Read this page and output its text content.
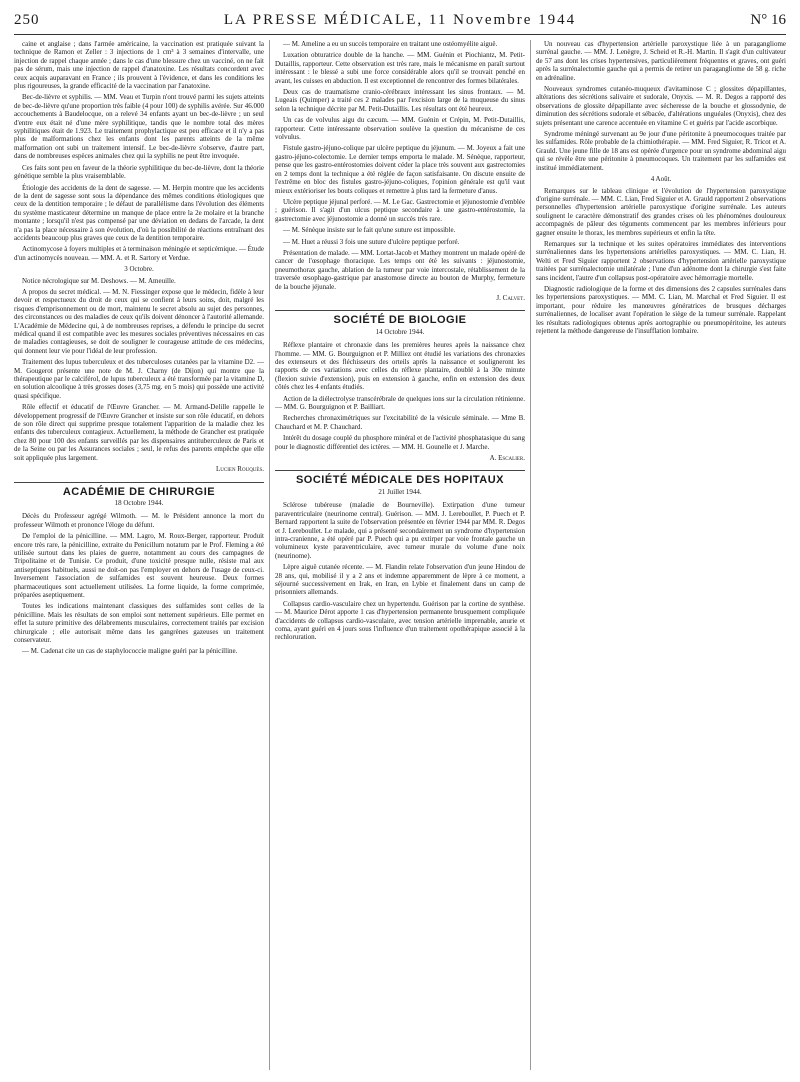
250	LA PRESSE MÉDICALE, 11 Novembre 1944	N° 16

caine et anglaise ; dans l'armée américaine, la vaccination est pratiquée suivant la technique de Ramon et Zeller : 3 injections de 1 cm³ à 3 semaines d'intervalle, une injection de rappel chaque année ; dans le cas d'une blessure chez un vacciné, on ne fait pas de sérum, mais une injection de rappel d'anatoxine. Les résultats concordent avec ceux acquis auparavant en France ; ils prouvent à l'évidence, et dans les conditions les plus rigoureuses, la grande efficacité de la vaccination par l'anatoxine.

Bec-de-lièvre et syphilis. — MM. Veau et Turpin n'ont trouvé parmi les sujets atteints de bec-de-lièvre qu'une proportion très faible (4 pour 100) de syphilis avérée. Sur 46.000 accouchements à Baudelocque, on a relevé 34 enfants ayant un bec-de-lièvre ; un seul d'entre eux était né d'une mère syphilitique, tandis que le nombre total des mères syphilitiques était de 1.923. Le traitement prophylactique est peu efficace et il n'y a pas plus de malformations chez les enfants dont les parents atteints de la même malformation ont subi un traitement intensif. Le bec-de-lièvre s'observe, d'autre part, dans de nombreuses espèces animales chez qui la syphilis ne peut être invoquée.

Ces faits sont peu en faveur de la théorie syphilitique du bec-de-lièvre, dont la théorie génétique semble la plus vraisemblable.

Étiologie des accidents de la dent de sagesse. — M. Herpin montre que les accidents de la dent de sagesse sont sous la dépendance des mêmes conditions étiologiques que ceux de la dentition temporaire ; le défaut de parallélisme dans l'évolution des éléments du système masticateur détermine un manque de place entre la 2e molaire et la branche montante ; lorsqu'il n'est pas compensé par une déviation en dedans de l'arcade, la dent n'a pas la place nécessaire à son évolution, d'où la possibilité de réactions entraînant des accidents beaucoup plus graves que ceux de la dentition temporaire.

Actinomycose à foyers multiples et à terminaison méningée et septicémique. — Étude d'un actinomycès nouveau. — MM. A. et R. Sartory et Verdue.

3 Octobre.

Notice nécrologique sur M. Deshows. — M. Ameuille.

A propos du secret médical. — M. N. Fiessinger expose que le médecin, fidèle à leur devoir et respectueux du droit de ceux qui se confient à leurs soins, doit, malgré les risques d'emprisonnement ou de mort, maintenu le secret absolu au sujet des personnes, des circonstances ou des maladies de ceux qu'ils doivent dénoncer à l'autorité allemande. L'Académie de Médecine qui, à de nombreuses reprises, a défendu le principe du secret médical quand il est compatible avec les mesures sociales préventives nécessaires en cas de maladies contagieuses, se doit de souligner le courageuse attitude de ces médecins, qui donnent leur vie pour l'idéal de leur profession.

Traitement des lupus tuberculeux et des tuberculoses cutanées par la vitamine D2. — M. Gougerot présente une note de M. J. Charny (de Dijon) qui montre que la thérapeutique par le calciférol, de lupus tuberculeux a été transformée par la vitamine D, en solution alcoolique à très grosses doses (3,75 mg. en 5 mois) qui possède une activité quasi spécifique.

Rôle effectif et éducatif de l'Œuvre Grancher. — M. Armand-Delille rappelle le développement progressif de l'Œuvre Grancher et insiste sur son rôle éducatif, en dehors de son rôle direct qui supprime presque totalement l'apparition de la maladie chez les enfants des tuberculeux contagieux. Actuellement, la méthode de Grancher est pratiquée chez 80 pour 100 des enfants surveillés par les dispensaires antituberculeux de Paris et de la Seine ou par les Assurances sociales ; seul, le refus des parents empêche que elle soit appliquée plus largement.

Lucien Rouquès.

ACADÉMIE DE CHIRURGIE
18 Octobre 1944.

Décès du Professeur agrégé Wilmoth. — M. le Président annonce la mort du professeur Wilmoth et prononce l'éloge du défunt.

De l'emploi de la pénicilline. — MM. Lagro, M. Roux-Berger, rapporteur. Produit encore très rare, la pénicilline, extraite du Penicillum notatum par le Prof. Fleming a été utilisée surtout dans les plaies de guerre, notamment au cours des campagnes de Tripolitaine et de Tunisie. Ce produit, d'une toxicité presque nulle, résiste mal aux antiseptiques habituels, aussi ne doit-on pas l'employer en dehors de l'usage de ceux-ci. Inversement l'association de sulfamides est souvent heureuse. Deux formes pharmaceutiques sont actuellement utilisées. La forme liquide, la forme comprimée, préparées aseptiquement.

Toutes les indications maintenant classiques des sulfamides sont celles de la pénicilline. Mais les résultats de son emploi sont nettement supérieurs. Elle permet en effet la suture primitive des délabrements musculaires, correctement traités par excision chirurgicale ; elle autorisait même dans les gangrènes gazeuses un traitement conservateur.

— M. Cadenat cite un cas de staphylococcie maligne guéri par la pénicilline.

— M. Ameline a eu un succès temporaire en traitant une ostéomyélite aiguë.

Luxation obturatrice double de la hanche. — MM. Guénin et Piochiantz, M. Petit-Dutaillis, rapporteur. Cette observation est très rare, mais le mécanisme en paraît surtout intéressant : le blessé a subi une force considérable alors qu'il se trouvait penché en avant, les cuisses en abduction. Il est exceptionnel de rencontrer des formes bilatérales.

Deux cas de traumatisme cranio-cérébraux intéressant les sinus frontaux. — M. Lugeais (Quimper) a traité ces 2 malades par l'excision large de la muqueuse du sinus selon la technique décrite par M. Petit-Dutaillis. Les résultats ont été heureux.

Un cas de volvulus aigu du cæcum. — MM. Guénin et Crépin, M. Petit-Dutaillis, rapporteur. Cette intéressante observation soulève la question du mécanisme de ces volvulus.

Fistule gastro-jéjuno-colique par ulcère peptique du jéjunum. — M. Joyeux a fait une gastro-jéjuno-colectomie. Le dernier temps emporta le malade. M. Sénèque, rapporteur, pense que les gastro-entérostomies doivent céder la place très souvent aux gastrectomies en 2 temps dont la technique a été réglée de façon satisfaisante. On discute ensuite de l'extrême en bloc des fistules gastro-jéjuno-coliques, l'opinion générale est qu'il vaut mieux extérioriser les bouts coliques et remettre à plus tard la fermeture d'anus.

Ulcère peptique jéjunal perforé. — M. Le Gac. Gastrectomie et jéjunostomie d'emblée ; guérison. Il s'agit d'un ulcus peptique secondaire à une gastro-entérostomie, la gastrectomie avec jéjunostomie a donné un succès très rare.

— M. Sénèque insiste sur le fait qu'une suture est impossible.

— M. Huet a réussi 3 fois une suture d'ulcère peptique perforé.

Présentation de malade. — MM. Lortat-Jacob et Mathey montrent un malade opéré de cancer de l'œsophage thoracique. Les temps ont été les suivants : jéjunostomie, pneumothorax gauche, ablation de la tumeur par voie intercostale, rétablissement de la traversée œsophago-gastrique par anastomose directe au bouton de Murphy, fermeture de la bouche jéjunale.

J. Calvet.

SOCIÉTÉ DE BIOLOGIE
14 Octobre 1944.

Réflexe plantaire et chronaxie dans les premières heures après la naissance chez l'homme. — MM. G. Bourguignon et P. Milliez ont étudié les variations des chronaxies des extenseurs et des fléchisseurs des orteils après la naissance et souligneront les rapports de ces variations avec celles du réflexe plantaire, doublé à la 30e minute (flexion suivie d'extension), puis en extension à gauche, enfin en extension des deux côtés chez les 4 enfants étudiés.

Action de la diélectrolyse transcérébrale de quelques ions sur la circulation rétinienne. — MM. G. Bourguignon et P. Bailliart.

Recherches chronaximétriques sur l'excitabilité de la vésicule séminale. — Mme B. Chauchard et M. P. Chauchard.

Intérêt du dosage couplé du phosphore minéral et de l'activité phosphatasique du sang pour le diagnostic différentiel des ictères. — MM. H. Gounelle et J. Marche.

A. Escalier.

SOCIÉTÉ MÉDICALE DES HOPITAUX
21 Juillet 1944.

Sclérose tubéreuse (maladie de Bourneville). Extirpation d'une tumeur paraventriculaire (neurinome central). Guérison. — MM. J. Lereboullet, P. Puech et P. Bernard rapportent la suite de l'observation présentée en février 1944 par MM. R. Degos et J. Lereboullet. Le malade, qui a présenté secondairement un syndrome d'hypertension intra-cranienne, a été opéré par P. Puech qui a pu extirper par voie frontale gauche un volumineux kyste paraventriculaire, avec tumeur murale du volume d'une noix (neurinome).

Lèpre aiguë cutanée récente. — M. Flandin relate l'observation d'un jeune Hindou de 28 ans, qui, mobilisé il y a 2 ans et indemne apparemment de lèpre à ce moment, a séjourné successivement en Irak, en Iran, en Lybie et finalement dans un camp de prisonniers allemands.

Collapsus cardio-vasculaire chez un hypertendu. Guérison par la cortine de synthèse. — M. Maurice Dérot apporte 1 cas d'hypertension permanente brusquement compliquée d'accidents de collapsus cardio-vasculaire, avec tension artérielle imprenable, anurie et coma, ayant guéri en 4 jours sous l'influence d'un traitement opothérapique associé à la rechloruration.

Un nouveau cas d'hypertension artérielle paroxystique liée à un paragangliome surrénal gauche. — MM. J. Lenègre, J. Scheid et R.-H. Martin. Il s'agit d'un cultivateur de 57 ans dont les crises hypertensives, particulièrement fréquentes et graves, ont guéri après la surrénalectomie gauche qui a permis de retirer un paragangliome de 58 g. riche en adrénaline.

Nouveaux syndromes cutanéo-muqueux d'avitaminose C ; glossites dépapillantes, altérations des sécrétions salivaire et sudorale, Onyxis. — M. R. Degos a rapporté des observations de glossite dépapillante avec sécheresse de la bouche et glossodynie, de diminution des sécrétions sudorale et sébacée, d'altérations unguéales (Onyxis), chez des sujets présentant une carence accentuée en vitamine C et guéris par l'acide ascorbique.

Syndrome méningé survenant au 9e jour d'une péritonite à pneumocoques traitée par les sulfamides. Rôle probable de la chimiothérapie. — MM. Fred Siguier, R. Tricot et A. Grauld. Une jeune fille de 18 ans est opérée d'urgence pour un syndrome abdominal aigu qui se révèle être une péritonite à pneumocoques. Un traitement par les sulfamides est institué immédiatement.

4 Août.

Remarques sur le tableau clinique et l'évolution de l'hypertension paroxystique d'origine surrénale. — MM. C. Lian, Fred Siguier et A. Grauld rapportent 2 observations personnelles d'hypertension artérielle paroxystique d'origine surrénale. Les auteurs soulignent le caractère démonstratif des grandes crises où les phénomènes douloureux accompagnés de pâleur des téguments commencent par les membres inférieurs pour gagner ensuite le thorax, les membres supérieurs et enfin la tête.

Remarques sur la technique et les suites opératoires immédiates des interventions surrénaliennes dans les hypertensions artérielles paroxystiques. — MM. C. Lian, H. Welti et Fred Siguier rapportent 2 observations d'hypertension artérielle paroxystique traitées par surrénalectomie unilatérale ; l'une d'un adénome dont la chirurgie s'est faite sans incident, l'autre d'un collapsus post-opératoire avec hémorragie mortelle.

Diagnostic radiologique de la forme et des dimensions des 2 capsules surrénales dans les hypertensions paroxystiques. — MM. C. Lian, M. Marchal et Fred Siguier. Il est important, pour réduire les manœuvres génératrices de brusques décharges surrénaliennes, de localiser avant l'opération le siège de la tumeur surrénale. Rappelant les résultats radiologiques obtenus après aortographie ou pneumopéritoine, les auteurs rejettent la méthode dangereuse de l'insufflation lombaire.
